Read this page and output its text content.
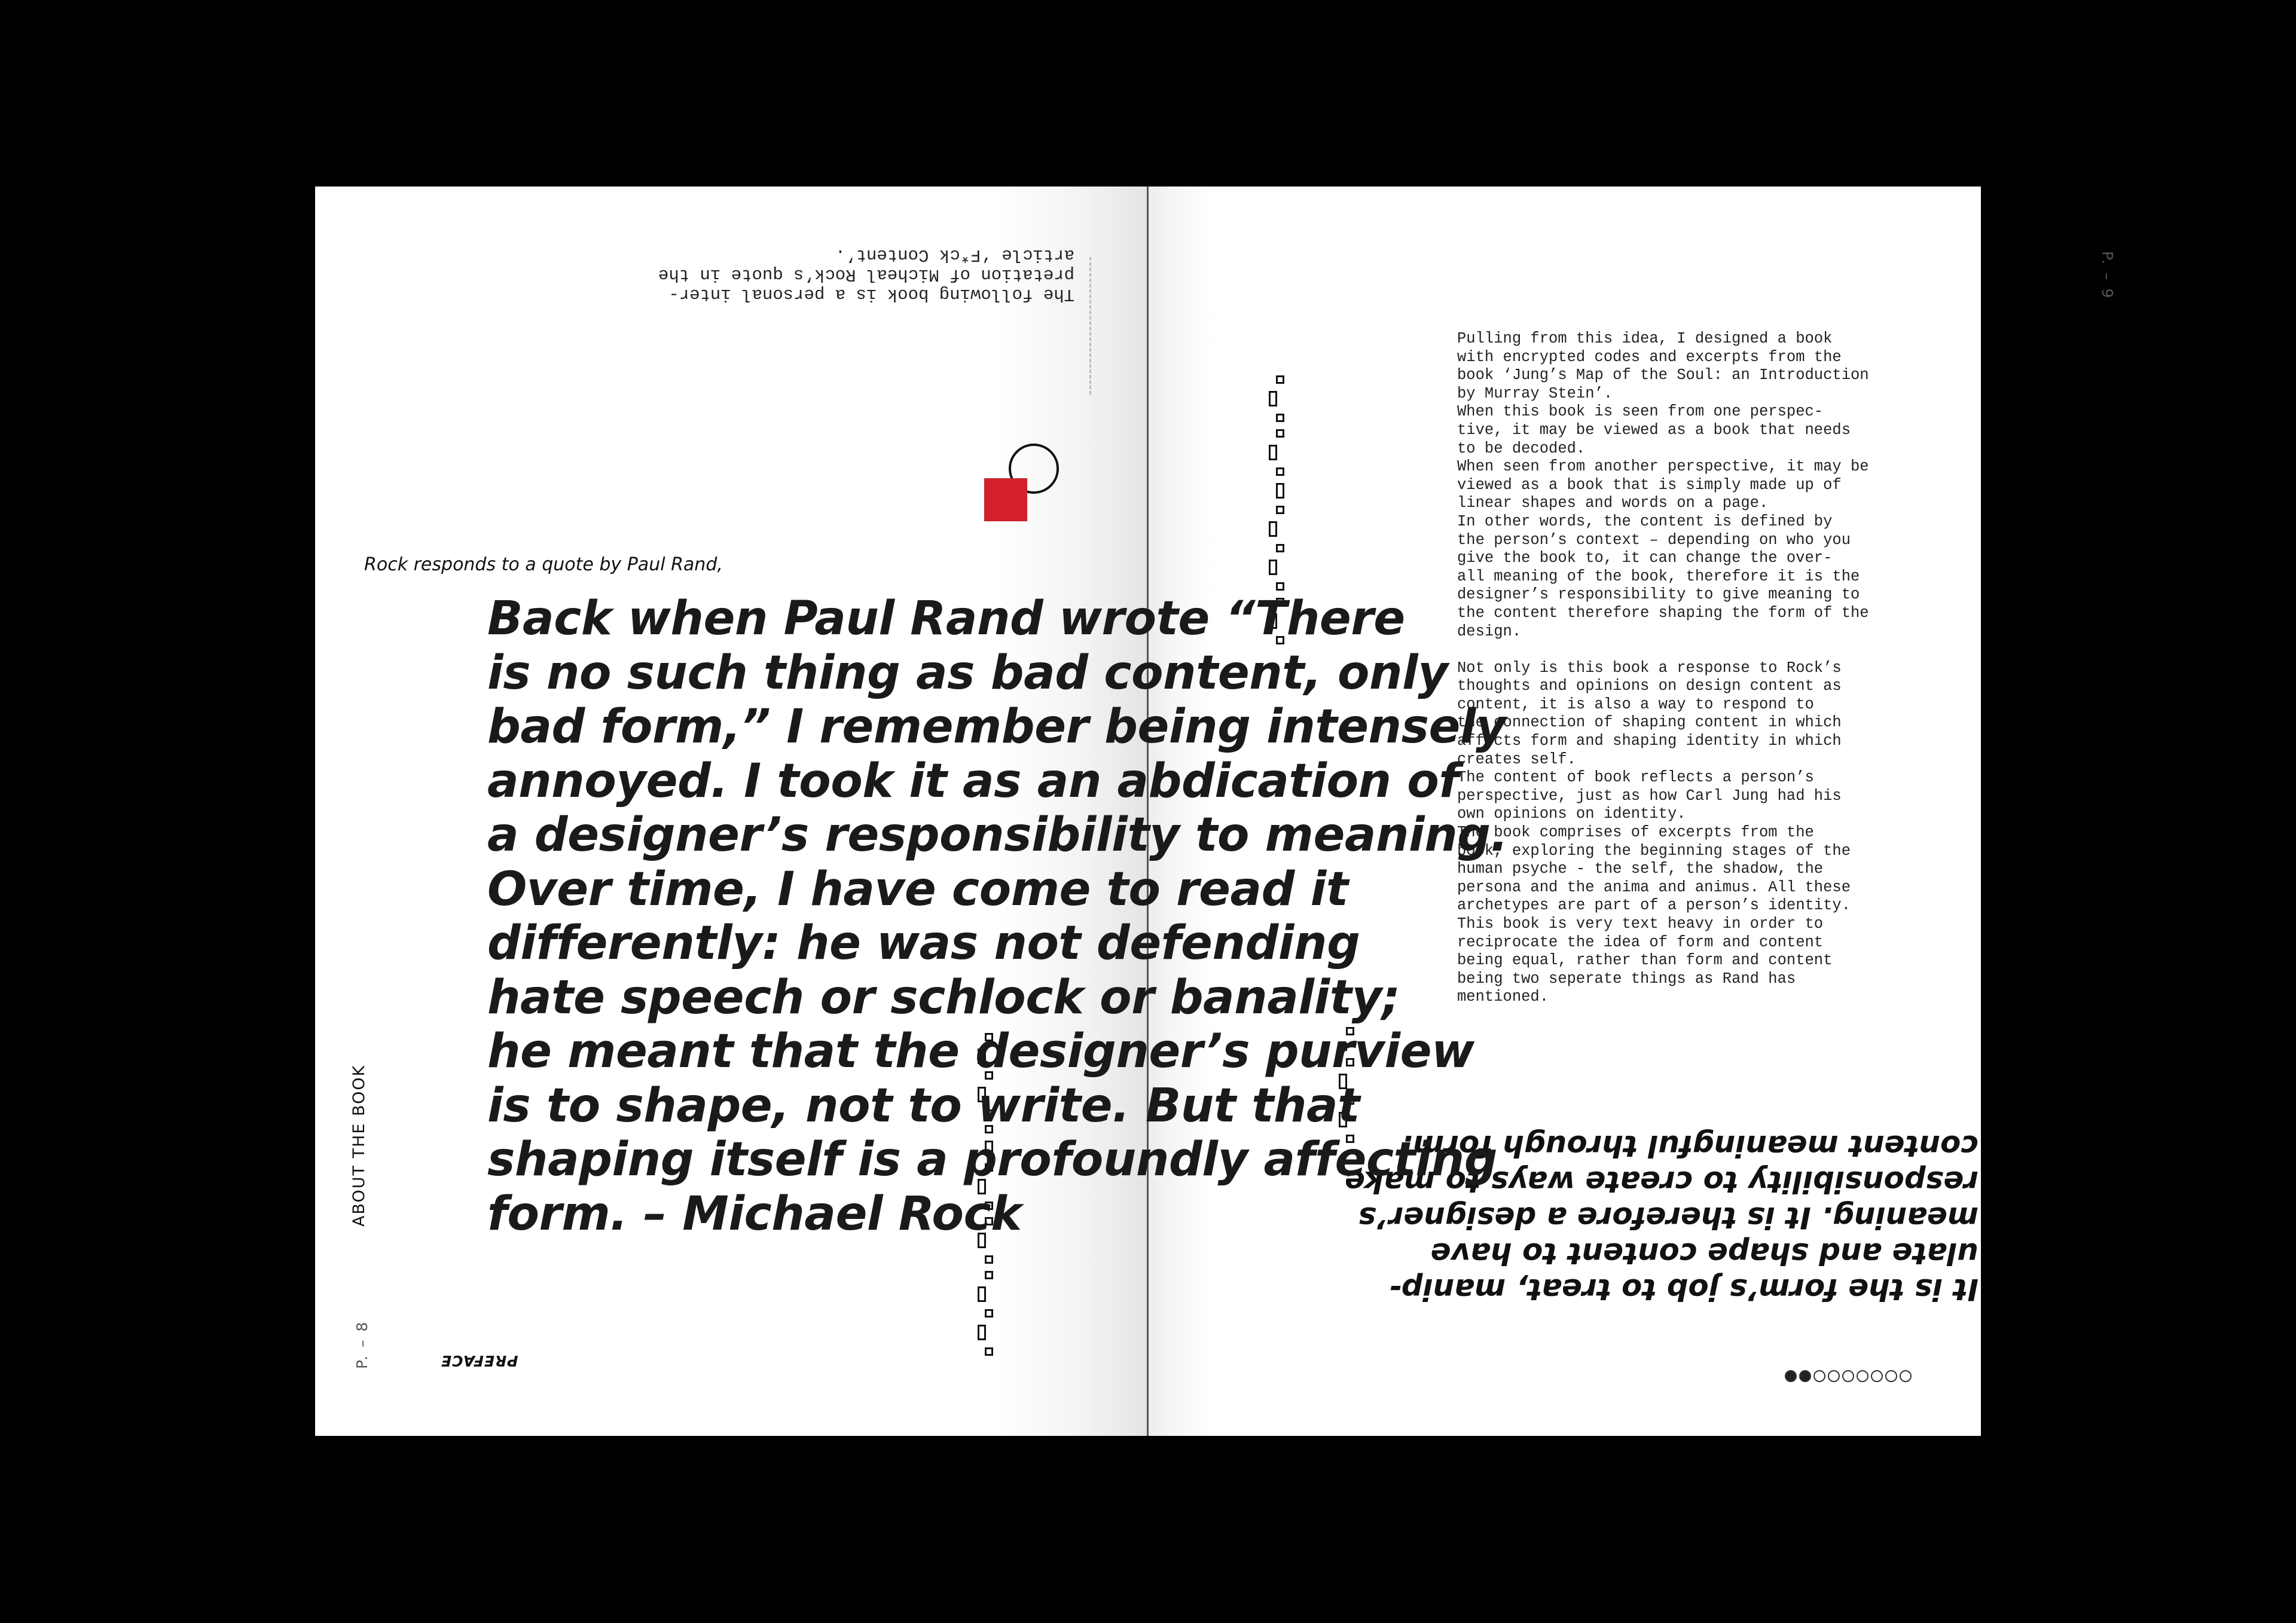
The following book is a personal inter-
pretation of Micheal Rock’s quote in the
article ‘F*ck Content’.
Rock responds to a quote by Paul Rand,
ABOUT THE BOOK
P. – 8	PREFACE
P. – 9
Pulling from this idea, I designed a book
with encrypted codes and excerpts from the
book ‘Jung’s Map of the Soul: an Introduction
by Murray Stein’.
When this book is seen from one perspec-
tive, it may be viewed as a book that needs
to be decoded.
When seen from another perspective, it may be
viewed as a book that is simply made up of
linear shapes and words on a page.
In other words, the content is defined by
the person’s context – depending on who you
give the book to, it can change the over-
all meaning of the book, therefore it is the
designer’s responsibility to give meaning to
the content therefore shaping the form of the
design.

Not only is this book a response to Rock’s
thoughts and opinions on design content as
content, it is also a way to respond to
the connection of shaping content in which
affects form and shaping identity in which
creates self.
The content of book reflects a person’s
perspective, just as how Carl Jung had his
own opinions on identity.
The book comprises of excerpts from the
book, exploring the beginning stages of the
human psyche - the self, the shadow, the
persona and the anima and animus. All these
archetypes are part of a person’s identity.
This book is very text heavy in order to
reciprocate the idea of form and content
being equal, rather than form and content
being two seperate things as Rand has
mentioned.
It is the form’s job to treat, manip-
ulate and shape content to have
meaning. It is therefore a designer’s
responsibility to create ways to make
content meaningful through form.
Back when Paul Rand wrote “There
is no such thing as bad content, only
bad form,” I remember being intensely
annoyed. I took it as an abdication of
a designer’s responsibility to meaning.
Over time, I have come to read it
differently: he was not defending
hate speech or schlock or banality;
he meant that the designer’s purview
is to shape, not to write. But that
shaping itself is a profoundly affecting
form. – Michael Rock
